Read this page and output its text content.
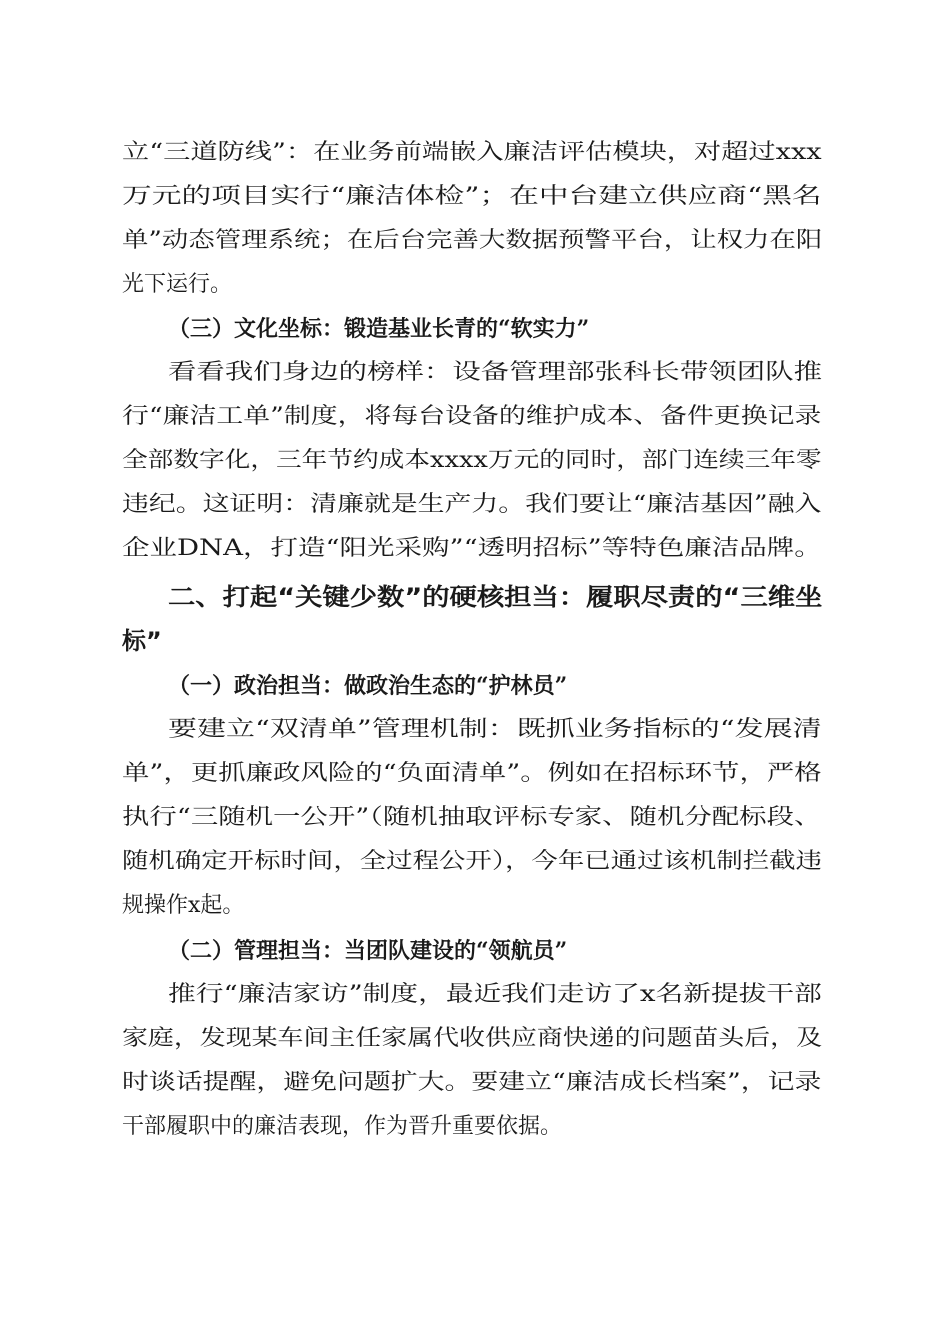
立“三道防线”：在业务前端嵌入廉洁评估模块，对超过xxx
万元的项目实行“廉洁体检”；在中台建立供应商“黑名
单”动态管理系统；在后台完善大数据预警平台，让权力在阳
光下运行。
（三）文化坐标：锻造基业长青的“软实力”
看看我们身边的榜样：设备管理部张科长带领团队推
行“廉洁工单”制度，将每台设备的维护成本、备件更换记录
全部数字化，三年节约成本xxxx万元的同时，部门连续三年零
违纪。这证明：清廉就是生产力。我们要让“廉洁基因”融入
企业DNA，打造“阳光采购”“透明招标”等特色廉洁品牌。
二、打起“关键少数”的硬核担当：履职尽责的“三维坐
标”
（一）政治担当：做政治生态的“护林员”
要建立“双清单”管理机制：既抓业务指标的“发展清
单”，更抓廉政风险的“负面清单”。例如在招标环节，严格
执行“三随机一公开”（随机抽取评标专家、随机分配标段、
随机确定开标时间，全过程公开），今年已通过该机制拦截违
规操作x起。
（二）管理担当：当团队建设的“领航员”
推行“廉洁家访”制度，最近我们走访了x名新提拔干部
家庭，发现某车间主任家属代收供应商快递的问题苗头后，及
时谈话提醒，避免问题扩大。要建立“廉洁成长档案”，记录
干部履职中的廉洁表现，作为晋升重要依据。
